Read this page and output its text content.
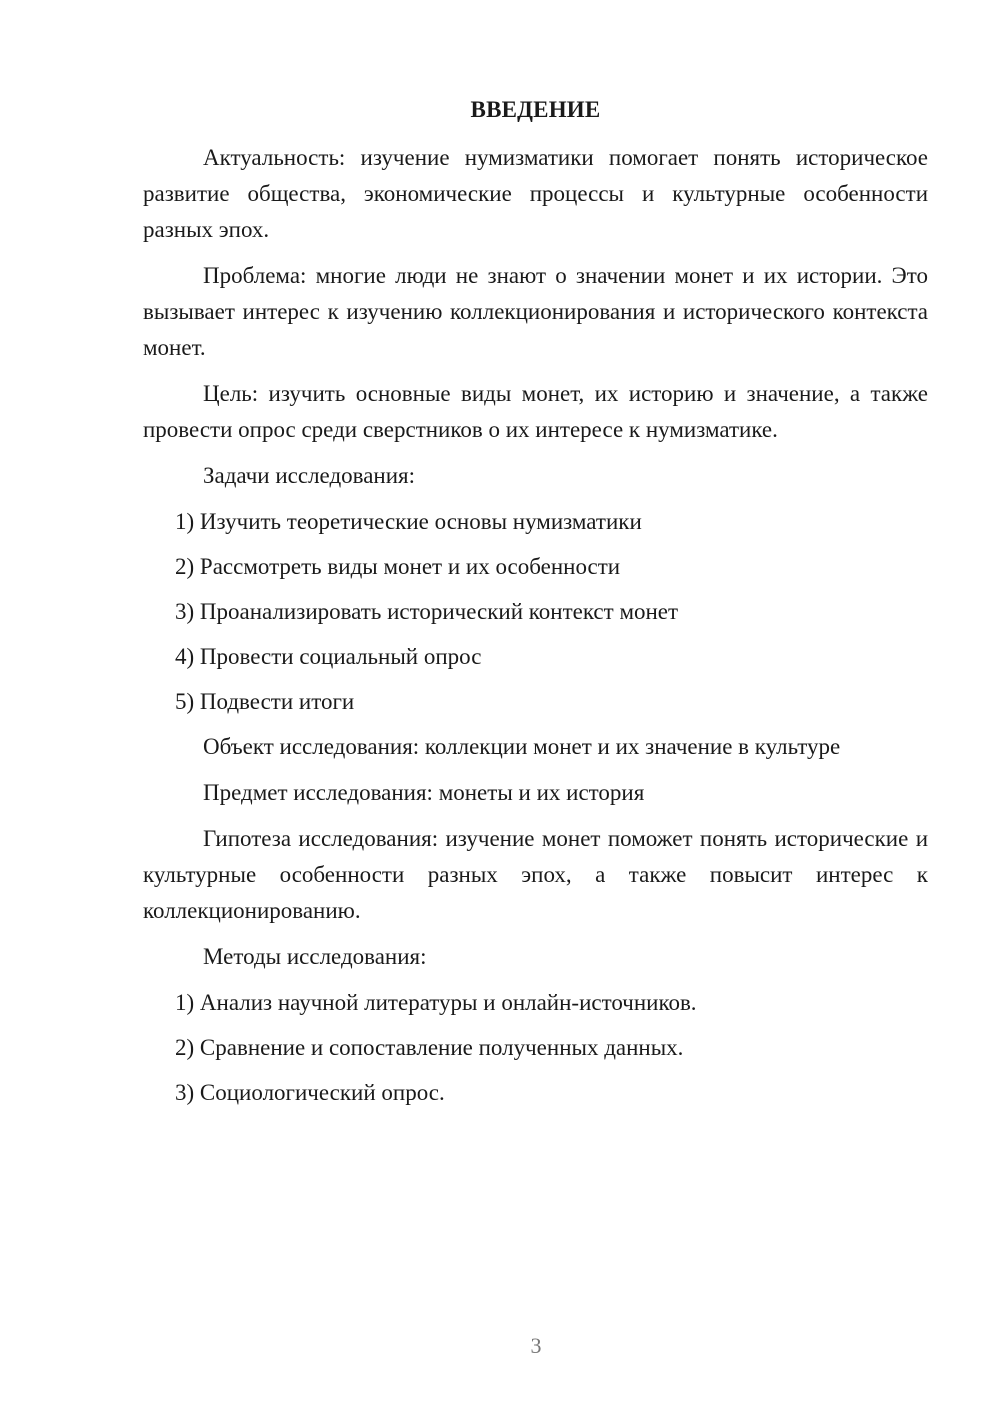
ВВЕДЕНИЕ

Актуальность: изучение нумизматики помогает понять историческое развитие общества, экономические процессы и культурные особенности разных эпох.

Проблема: многие люди не знают о значении монет и их истории. Это вызывает интерес к изучению коллекционирования и исторического контекста монет.

Цель: изучить основные виды монет, их историю и значение, а также провести опрос среди сверстников о их интересе к нумизматике.

Задачи исследования:

1) Изучить теоретические основы нумизматики
2) Рассмотреть виды монет и их особенности
3) Проанализировать исторический контекст монет
4) Провести социальный опрос
5) Подвести итоги

Объект исследования: коллекции монет и их значение в культуре

Предмет исследования: монеты и их история

Гипотеза исследования: изучение монет поможет понять исторические и культурные особенности разных эпох, а также повысит интерес к коллекционированию.

Методы исследования:

1) Анализ научной литературы и онлайн-источников.
2) Сравнение и сопоставление полученных данных.
3) Социологический опрос.
3
